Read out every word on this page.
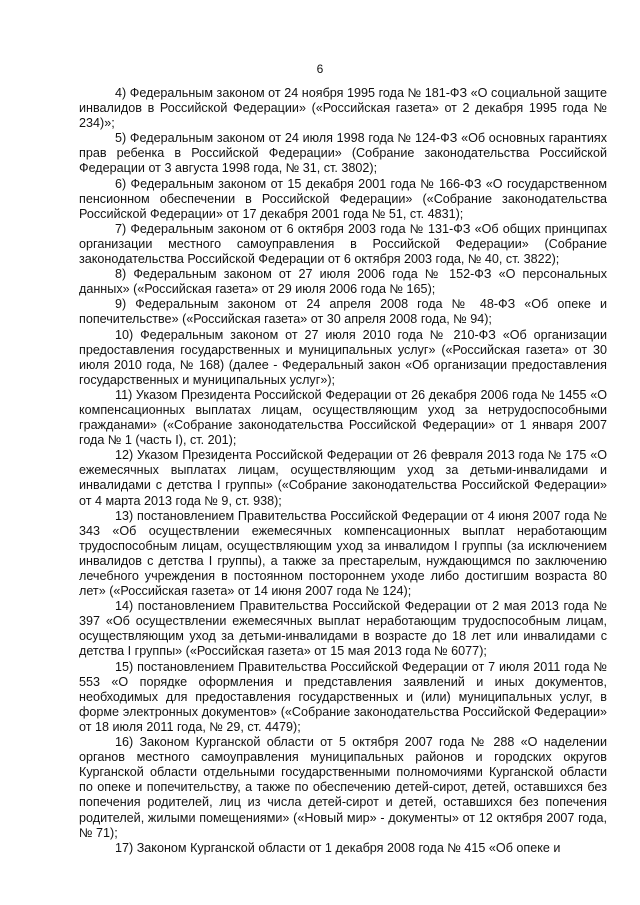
6

4) Федеральным законом от 24 ноября 1995 года № 181-ФЗ «О социальной защите инвалидов в Российской Федерации» («Российская газета» от 2 декабря 1995 года № 234)»;

5) Федеральным законом от 24 июля 1998 года № 124-ФЗ «Об основных гарантиях прав ребенка в Российской Федерации» (Собрание законодательства Российской Федерации от 3 августа 1998 года, № 31, ст. 3802);

6) Федеральным законом от 15 декабря 2001 года № 166-ФЗ «О государственном пенсионном обеспечении в Российской Федерации» («Собрание законодательства Российской Федерации» от 17 декабря 2001 года № 51, ст. 4831);

7) Федеральным законом от 6 октября 2003 года № 131-ФЗ «Об общих принципах организации местного самоуправления в Российской Федерации» (Собрание законодательства Российской Федерации от 6 октября 2003 года, № 40, ст. 3822);

8) Федеральным законом от 27 июля 2006 года № 152-ФЗ «О персональных данных» («Российская газета» от 29 июля 2006 года № 165);

9) Федеральным законом от 24 апреля 2008 года № 48-ФЗ «Об опеке и попечительстве» («Российская газета» от 30 апреля 2008 года, № 94);

10) Федеральным законом от 27 июля 2010 года № 210-ФЗ «Об организации предоставления государственных и муниципальных услуг» («Российская газета» от 30 июля 2010 года, № 168) (далее - Федеральный закон «Об организации предоставления государственных и муниципальных услуг»);

11) Указом Президента Российской Федерации от 26 декабря 2006 года № 1455 «О компенсационных выплатах лицам, осуществляющим уход за нетрудоспособными гражданами» («Собрание законодательства Российской Федерации» от 1 января 2007 года № 1 (часть I), ст. 201);

12) Указом Президента Российской Федерации от 26 февраля 2013 года № 175 «О ежемесячных выплатах лицам, осуществляющим уход за детьми-инвалидами и инвалидами с детства I группы» («Собрание законодательства Российской Федерации» от 4 марта 2013 года № 9, ст. 938);

13) постановлением Правительства Российской Федерации от 4 июня 2007 года № 343 «Об осуществлении ежемесячных компенсационных выплат неработающим трудоспособным лицам, осуществляющим уход за инвалидом I группы (за исключением инвалидов с детства I группы), а также за престарелым, нуждающимся по заключению лечебного учреждения в постоянном постороннем уходе либо достигшим возраста 80 лет» («Российская газета» от 14 июня 2007 года № 124);

14) постановлением Правительства Российской Федерации от 2 мая 2013 года № 397 «Об осуществлении ежемесячных выплат неработающим трудоспособным лицам, осуществляющим уход за детьми-инвалидами в возрасте до 18 лет или инвалидами с детства I группы» («Российская газета» от 15 мая 2013 года № 6077);

15) постановлением Правительства Российской Федерации от 7 июля 2011 года № 553 «О порядке оформления и представления заявлений и иных документов, необходимых для предоставления государственных и (или) муниципальных услуг, в форме электронных документов» («Собрание законодательства Российской Федерации» от 18 июля 2011 года, № 29, ст. 4479);

16) Законом Курганской области от 5 октября 2007 года № 288 «О наделении органов местного самоуправления муниципальных районов и городских округов Курганской области отдельными государственными полномочиями Курганской области по опеке и попечительству, а также по обеспечению детей-сирот, детей, оставшихся без попечения родителей, лиц из числа детей-сирот и детей, оставшихся без попечения родителей, жилыми помещениями» («Новый мир» - документы» от 12 октября 2007 года, № 71);

17) Законом Курганской области от 1 декабря 2008 года № 415 «Об опеке и
